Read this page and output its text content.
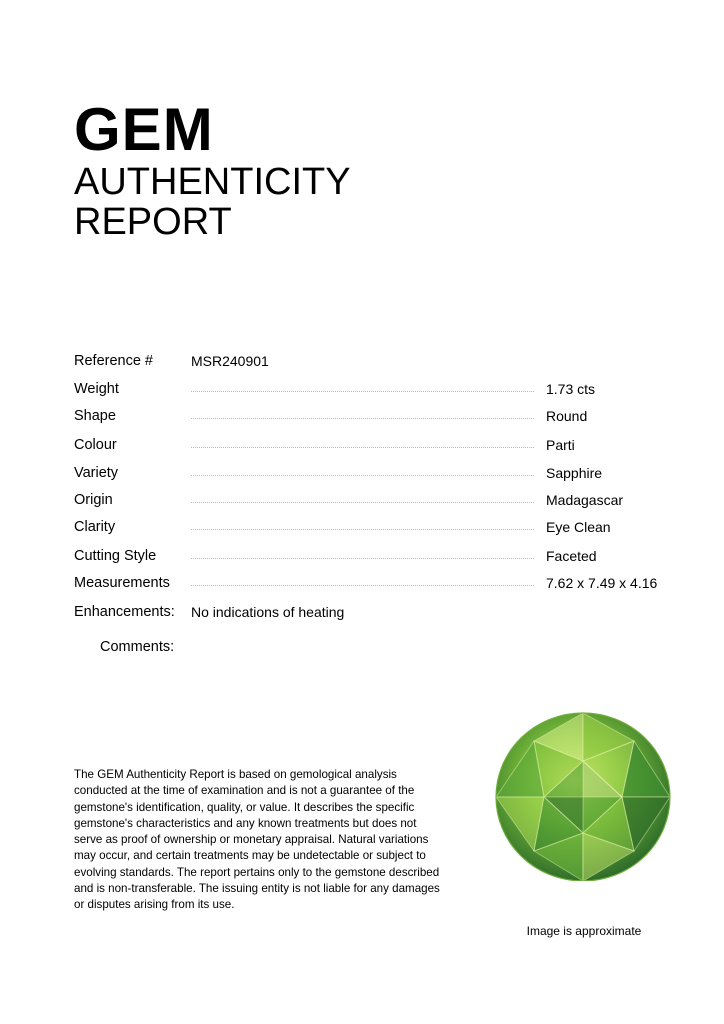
GEM
AUTHENTICITY
REPORT
Reference #	MSR240901
Weight	1.73 cts
Shape	Round
Colour	Parti
Variety	Sapphire
Origin	Madagascar
Clarity	Eye Clean
Cutting Style	Faceted
Measurements	7.62 x 7.49 x 4.16
Enhancements: No indications of heating
Comments:

The GEM Authenticity Report is based on gemological analysis conducted at the time of examination and is not a guarantee of the gemstone's identification, quality, or value. It describes the specific gemstone's characteristics and any known treatments but does not serve as proof of ownership or monetary appraisal. Natural variations may occur, and certain treatments may be undetectable or subject to evolving standards. The report pertains only to the gemstone described and is non-transferable. The issuing entity is not liable for any damages or disputes arising from its use.

Image is approximate
